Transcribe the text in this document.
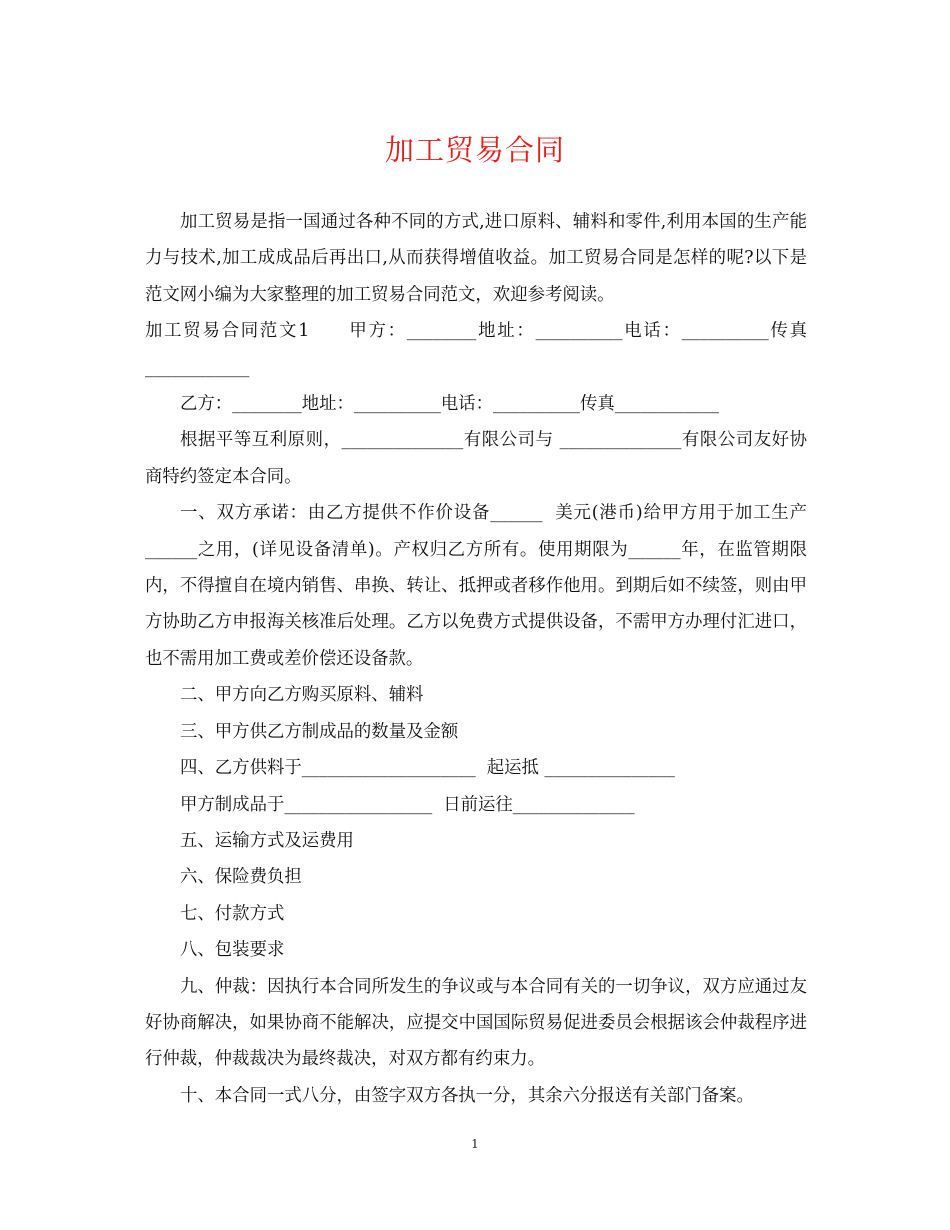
加工贸易合同

加工贸易是指一国通过各种不同的方式,进口原料、辅料和零件,利用本国的生产能力与技术,加工成成品后再出口,从而获得增值收益。加工贸易合同是怎样的呢?以下是范文网小编为大家整理的加工贸易合同范文，欢迎参考阅读。

加工贸易合同范文1　　甲方：________地址：__________电话：__________传真____________

乙方：________地址：__________电话：__________传真____________

根据平等互利原则，______________有限公司与 ______________有限公司友好协商特约签定本合同。

一、双方承诺：由乙方提供不作价设备______  美元(港币)给甲方用于加工生产______之用，(详见设备清单)。产权归乙方所有。使用期限为______年，在监管期限内，不得擅自在境内销售、串换、转让、抵押或者移作他用。到期后如不续签，则由甲方协助乙方申报海关核准后处理。乙方以免费方式提供设备，不需甲方办理付汇进口，也不需用加工费或差价偿还设备款。

二、甲方向乙方购买原料、辅料

三、甲方供乙方制成品的数量及金额

四、乙方供料于____________________  起运抵 _______________

甲方制成品于_________________  日前运往______________

五、运输方式及运费用

六、保险费负担

七、付款方式

八、包装要求

九、仲裁：因执行本合同所发生的争议或与本合同有关的一切争议，双方应通过友好协商解决，如果协商不能解决，应提交中国国际贸易促进委员会根据该会仲裁程序进行仲裁，仲裁裁决为最终裁决，对双方都有约束力。

十、本合同一式八分，由签字双方各执一分，其余六分报送有关部门备案。

1
